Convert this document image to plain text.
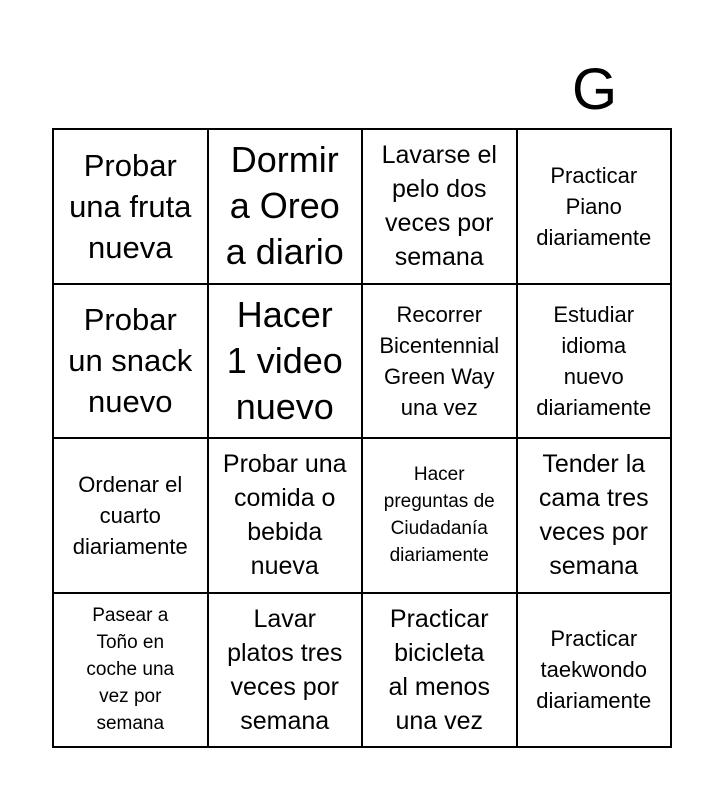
G
Probar
una fruta
nueva
Dormir
a Oreo
a diario
Lavarse el
pelo dos
veces por
semana
Practicar
Piano
diariamente
Probar
un snack
nuevo
Hacer
1 video
nuevo
Recorrer
Bicentennial
Green Way
una vez
Estudiar
idioma
nuevo
diariamente
Ordenar el
cuarto
diariamente
Probar una
comida o
bebida
nueva
Hacer
preguntas de
Ciudadanía
diariamente
Tender la
cama tres
veces por
semana
Pasear a
Toño en
coche una
vez por
semana
Lavar
platos tres
veces por
semana
Practicar
bicicleta
al menos
una vez
Practicar
taekwondo
diariamente
